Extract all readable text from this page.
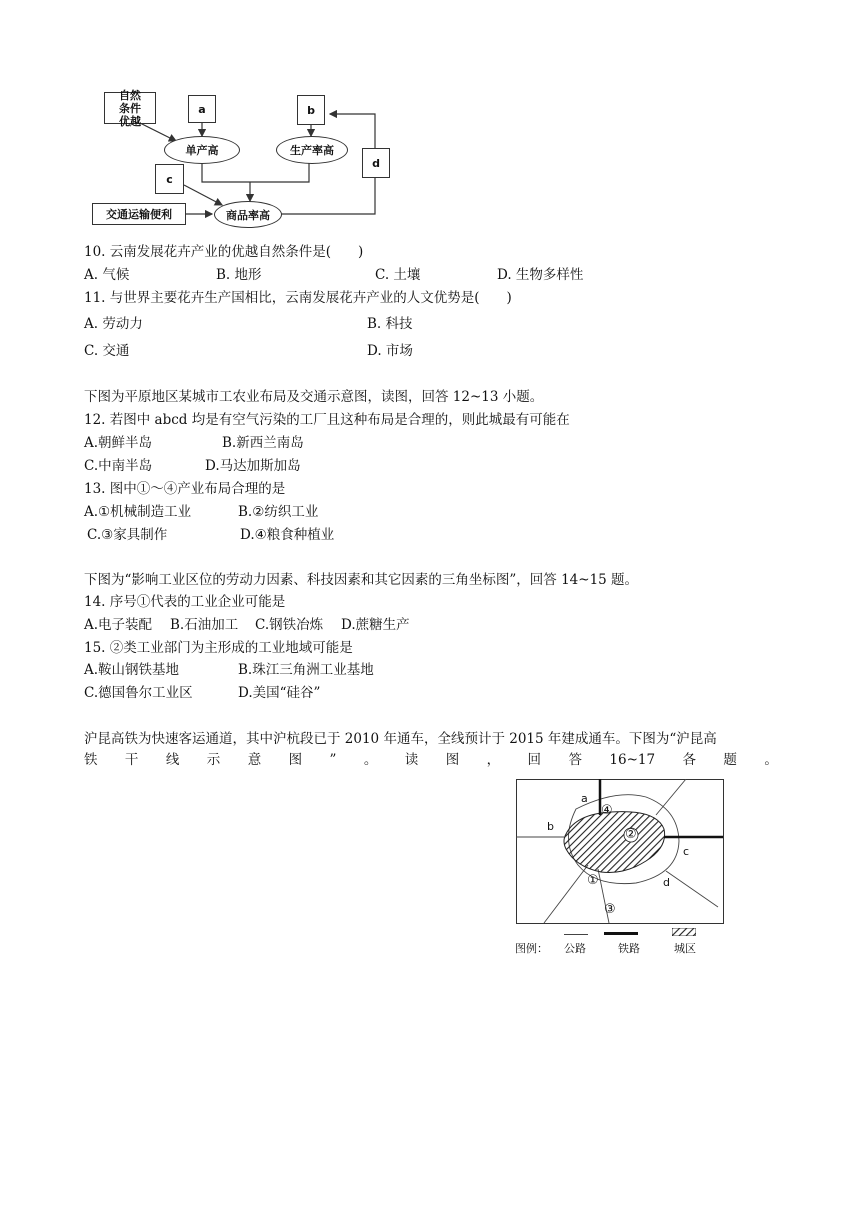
自然条件优越
a	b
单产高	生产率高
c
d
交通运输便利	商品率高
10. 云南发展花卉产业的优越自然条件是(　　)
A. 气候	B. 地形	C. 土壤	D. 生物多样性
11. 与世界主要花卉生产国相比，云南发展花卉产业的人文优势是(　　)
A. 劳动力	B. 科技
C. 交通	D. 市场
下图为平原地区某城市工农业布局及交通示意图，读图，回答 12~13 小题。
12. 若图中 abcd 均是有空气污染的工厂且这种布局是合理的，则此城最有可能在
A.朝鲜半岛	B.新西兰南岛
C.中南半岛	D.马达加斯加岛
13. 图中①～④产业布局合理的是
A.①机械制造工业	B.②纺织工业
C.③家具制作	D.④粮食种植业
下图为“影响工业区位的劳动力因素、科技因素和其它因素的三角坐标图”，回答 14~15 题。
14. 序号①代表的工业企业可能是
A.电子装配 B.石油加工 C.钢铁冶炼 D.蔗糖生产
15. ②类工业部门为主形成的工业地域可能是
A.鞍山钢铁基地	B.珠江三角洲工业基地
C.德国鲁尔工业区	D.美国“硅谷”
沪昆高铁为快速客运通道，其中沪杭段已于 2010 年通车，全线预计于 2015 年建成通车。下图为“沪昆高
铁 干 线 示 意 图 ” 。 读 图 ， 回 答 16~17 各 题 。
a
④
b
②
c
①	d
③
图例： 公路	铁路	城区
